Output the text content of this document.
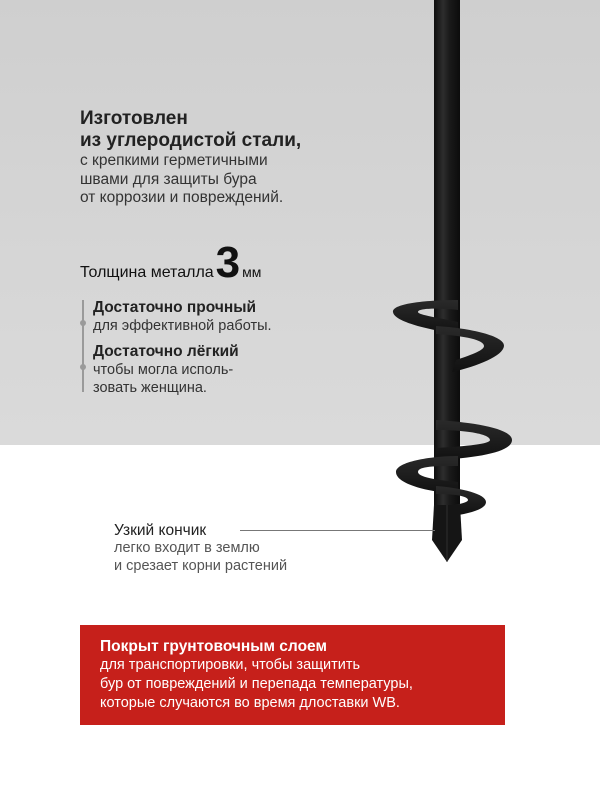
Изготовлен
из углеродистой стали,
с крепкими герметичными
швами для защиты бура
от коррозии и повреждений.
Толщина металла 3 мм
Достаточно прочный
для эффективной работы.
Достаточно лёгкий
чтобы могла исполь-
зовать женщина.
Узкий кончик
легко входит в землю
и срезает корни растений
Покрыт грунтовочным слоем
для транспортировки, чтобы защитить
бур от повреждений и перепада температуры,
которые случаются во время длоставки WB.
